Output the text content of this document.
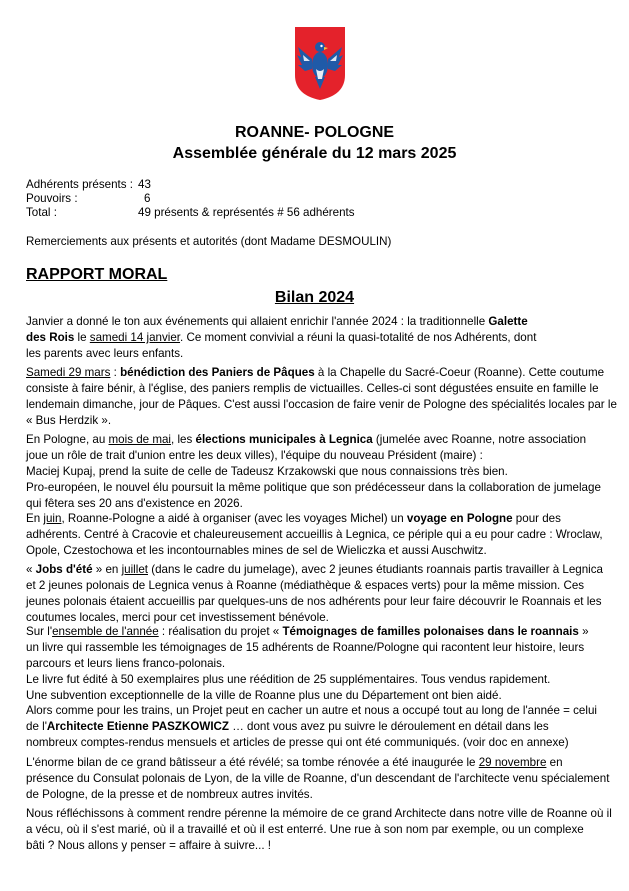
ROANNE- POLOGNE
Assemblée générale du 12 mars 2025
Adhérents présents : 43
Pouvoirs :	6
Total :	49 présents & représentés # 56 adhérents
Remerciements aux présents et autorités (dont Madame DESMOULIN)
RAPPORT MORAL
Bilan 2024
Janvier a donné le ton aux événements qui allaient enrichir l'année 2024 : la traditionnelle Galette
des Rois le samedi 14 janvier. Ce moment convivial a réuni la quasi-totalité de nos Adhérents, dont
les parents avec leurs enfants.
Samedi 29 mars : bénédiction des Paniers de Pâques à la Chapelle du Sacré-Coeur (Roanne). Cette coutume
consiste à faire bénir, à l'église, des paniers remplis de victuailles. Celles-ci sont dégustées ensuite en famille le
lendemain dimanche, jour de Pâques. C'est aussi l'occasion de faire venir de Pologne des spécialités locales par le
« Bus Herdzik ».
En Pologne, au mois de mai, les élections municipales à Legnica (jumelée avec Roanne, notre association
joue un rôle de trait d'union entre les deux villes), l'équipe du nouveau Président (maire) :
Maciej Kupaj, prend la suite de celle de Tadeusz Krzakowski que nous connaissions très bien.
Pro-européen, le nouvel élu poursuit la même politique que son prédécesseur dans la collaboration de jumelage
qui fêtera ses 20 ans d'existence en 2026.
En juin, Roanne-Pologne a aidé à organiser (avec les voyages Michel) un voyage en Pologne pour des
adhérents. Centré à Cracovie et chaleureusement accueillis à Legnica, ce périple qui a eu pour cadre : Wroclaw,
Opole, Czestochowa et les incontournables mines de sel de Wieliczka et aussi Auschwitz.
« Jobs d'été » en juillet (dans le cadre du jumelage), avec 2 jeunes étudiants roannais partis travailler à Legnica
et 2 jeunes polonais de Legnica venus à Roanne (médiathèque & espaces verts) pour la même mission. Ces
jeunes polonais étaient accueillis par quelques-uns de nos adhérents pour leur faire découvrir le Roannais et les
coutumes locales, merci pour cet investissement bénévole.
Sur l'ensemble de l'année : réalisation du projet « Témoignages de familles polonaises dans le roannais »
un livre qui rassemble les témoignages de 15 adhérents de Roanne/Pologne qui racontent leur histoire, leurs
parcours et leurs liens franco-polonais.
Le livre fut édité à 50 exemplaires plus une réédition de 25 supplémentaires. Tous vendus rapidement.
Une subvention exceptionnelle de la ville de Roanne plus une du Département ont bien aidé.
Alors comme pour les trains, un Projet peut en cacher un autre et nous a occupé tout au long de l'année = celui
de l'Architecte Etienne PASZKOWICZ … dont vous avez pu suivre le déroulement en détail dans les
nombreux comptes-rendus mensuels et articles de presse qui ont été communiqués. (voir doc en annexe)
L'énorme bilan de ce grand bâtisseur a été révélé; sa tombe rénovée a été inaugurée le 29 novembre en
présence du Consulat polonais de Lyon, de la ville de Roanne, d'un descendant de l'architecte venu spécialement
de Pologne, de la presse et de nombreux autres invités.
Nous réfléchissons à comment rendre pérenne la mémoire de ce grand Architecte dans notre ville de Roanne où il
a vécu, où il s'est marié, où il a travaillé et où il est enterré. Une rue à son nom par exemple, ou un complexe
bâti ? Nous allons y penser = affaire à suivre... !
